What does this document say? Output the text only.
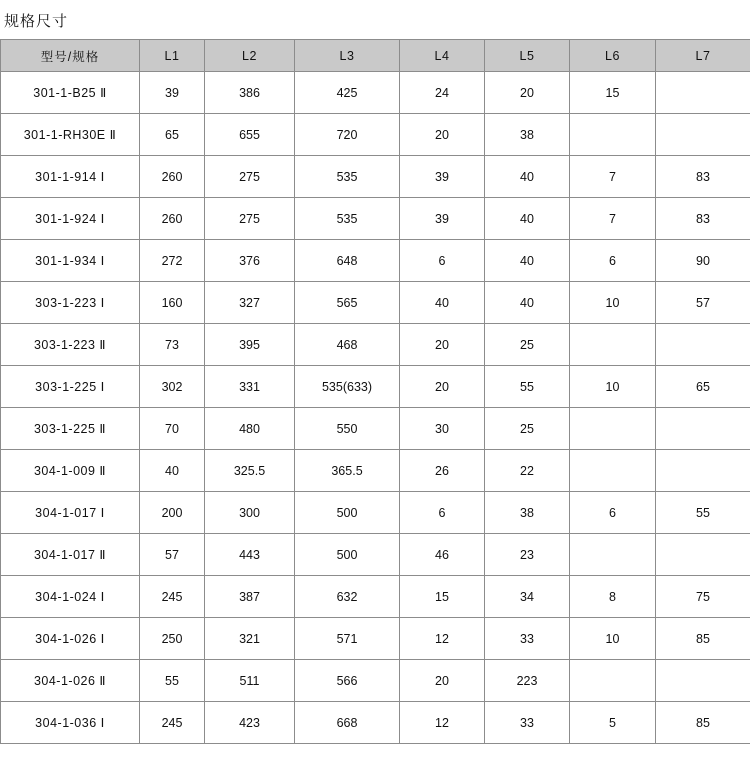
规格尺寸
型号/规格	L1	L2	L3	L4	L5	L6	L7
301-1-B25 Ⅱ	39	386	425	24	20	15	
301-1-RH30E Ⅱ	65	655	720	20	38		
301-1-914 Ⅰ	260	275	535	39	40	7	83
301-1-924 Ⅰ	260	275	535	39	40	7	83
301-1-934 Ⅰ	272	376	648	6	40	6	90
303-1-223 Ⅰ	160	327	565	40	40	10	57
303-1-223 Ⅱ	73	395	468	20	25		
303-1-225 Ⅰ	302	331	535(633)	20	55	10	65
303-1-225 Ⅱ	70	480	550	30	25		
304-1-009 Ⅱ	40	325.5	365.5	26	22		
304-1-017 Ⅰ	200	300	500	6	38	6	55
304-1-017 Ⅱ	57	443	500	46	23		
304-1-024 Ⅰ	245	387	632	15	34	8	75
304-1-026 Ⅰ	250	321	571	12	33	10	85
304-1-026 Ⅱ	55	511	566	20	223		
304-1-036 Ⅰ	245	423	668	12	33	5	85
